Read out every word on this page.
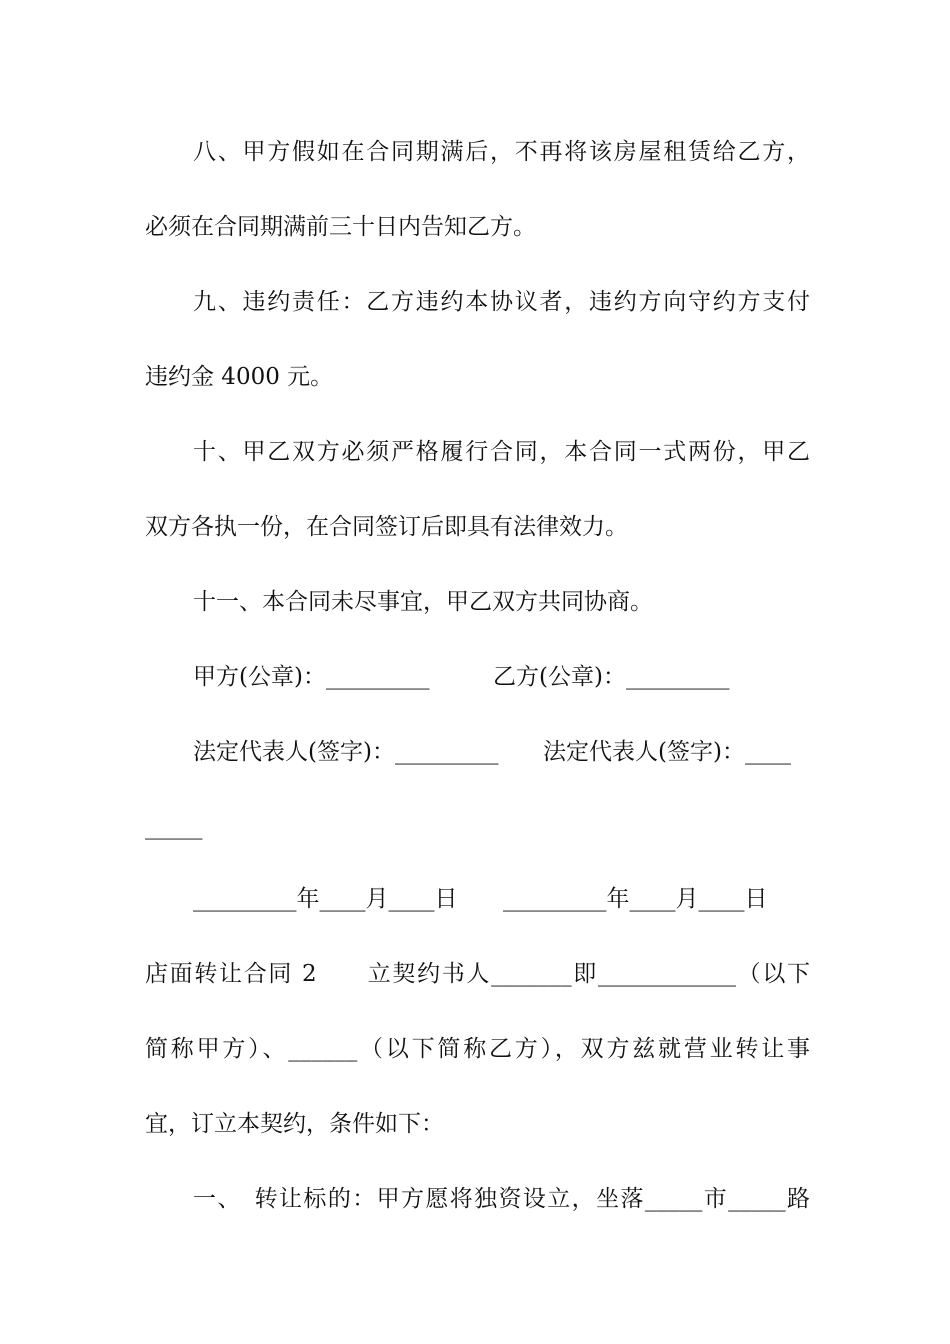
八、甲方假如在合同期满后，不再将该房屋租赁给乙方，
必须在合同期满前三十日内告知乙方。
九、违约责任：乙方违约本协议者，违约方向守约方支付
违约金 4000 元。
十、甲乙双方必须严格履行合同，本合同一式两份，甲乙
双方各执一份，在合同签订后即具有法律效力。
十一、本合同未尽事宜，甲乙双方共同协商。
甲方(公章)：_________	乙方(公章)：_________
法定代表人(签字)：_________ 法定代表人(签字)：____
_____
_________年____月____日 _________年____月____日
店面转让合同 2　　立契约书人_______即____________（以下
简称甲方）、______（以下简称乙方），双方兹就营业转让事
宜，订立本契约，条件如下：
一、　转让标的：甲方愿将独资设立，坐落_____市_____路
